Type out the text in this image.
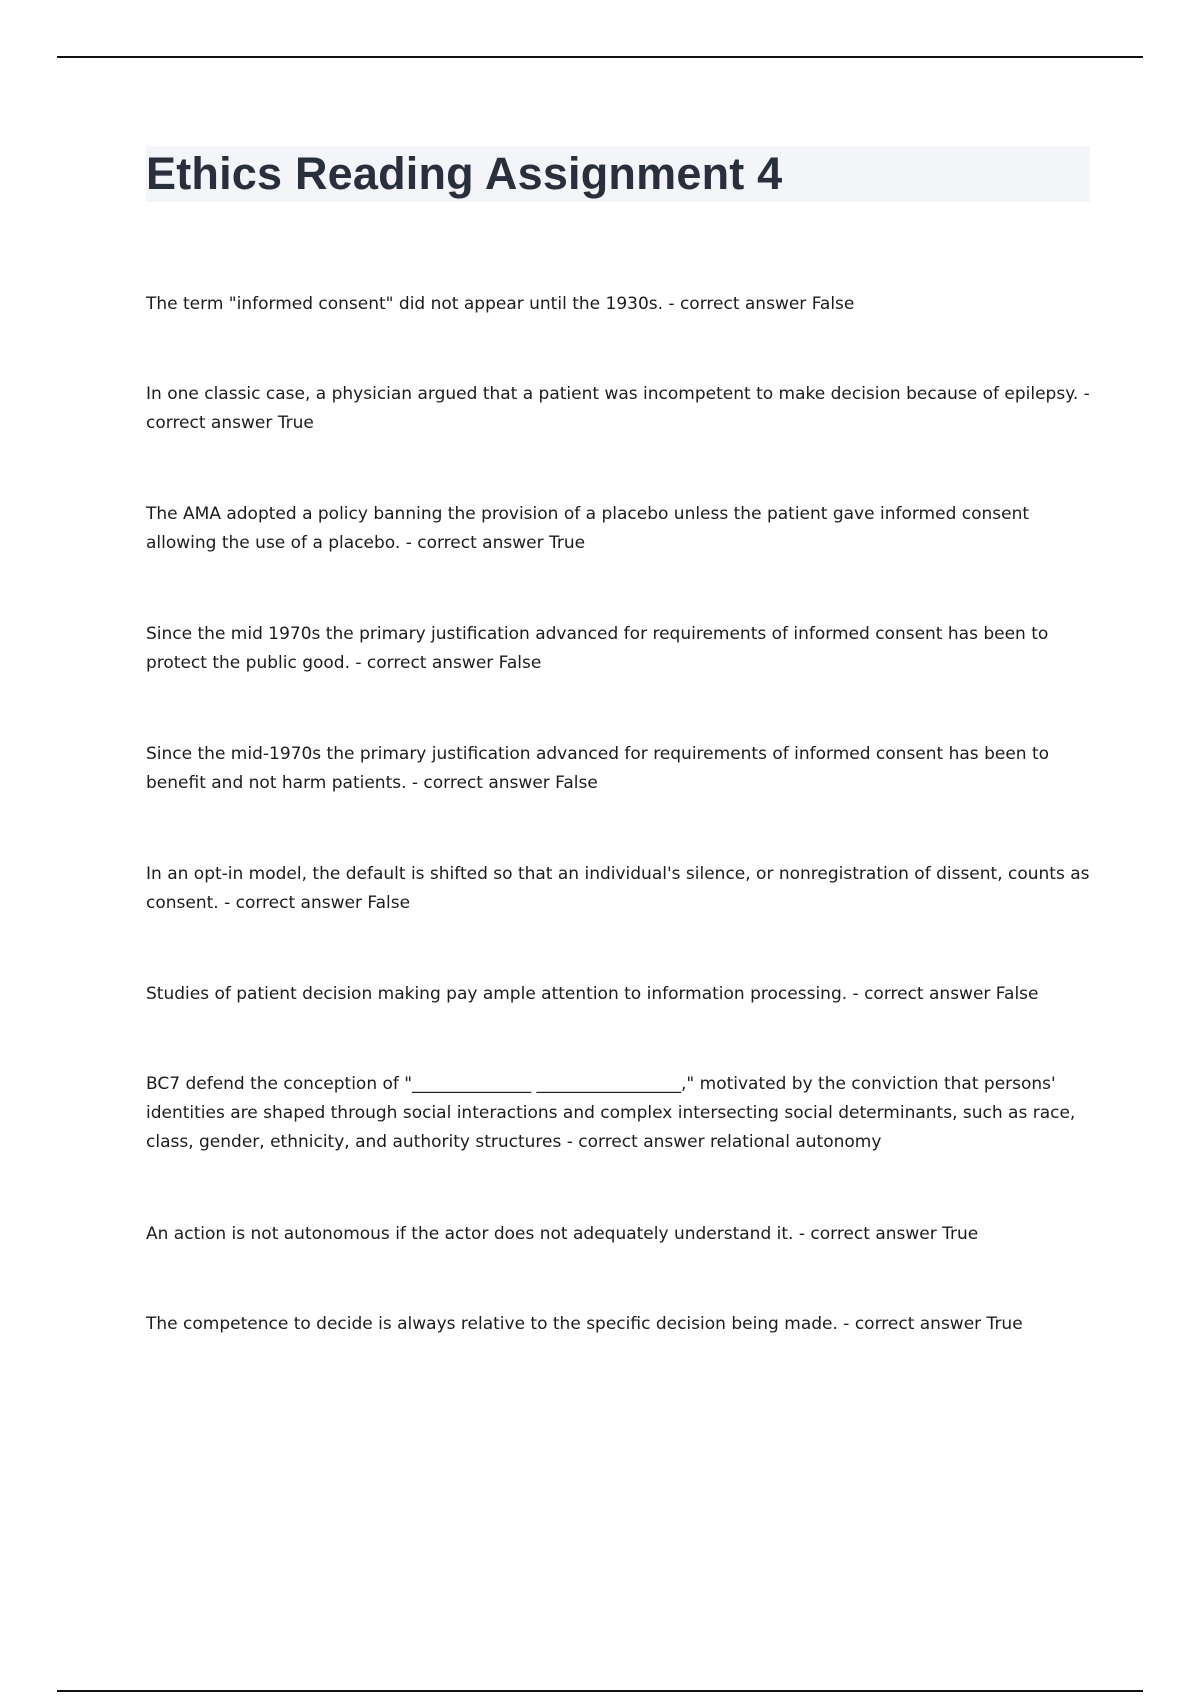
Ethics Reading Assignment 4

The term "informed consent" did not appear until the 1930s. - correct answer False

In one classic case, a physician argued that a patient was incompetent to make decision because of epilepsy. - correct answer True

The AMA adopted a policy banning the provision of a placebo unless the patient gave informed consent allowing the use of a placebo. - correct answer True

Since the mid 1970s the primary justification advanced for requirements of informed consent has been to protect the public good. - correct answer False

Since the mid-1970s the primary justification advanced for requirements of informed consent has been to benefit and not harm patients. - correct answer False

In an opt-in model, the default is shifted so that an individual's silence, or nonregistration of dissent, counts as consent. - correct answer False

Studies of patient decision making pay ample attention to information processing. - correct answer False

BC7 defend the conception of "______________ _________________," motivated by the conviction that persons' identities are shaped through social interactions and complex intersecting social determinants, such as race, class, gender, ethnicity, and authority structures - correct answer relational autonomy

An action is not autonomous if the actor does not adequately understand it. - correct answer True

The competence to decide is always relative to the specific decision being made. - correct answer True
